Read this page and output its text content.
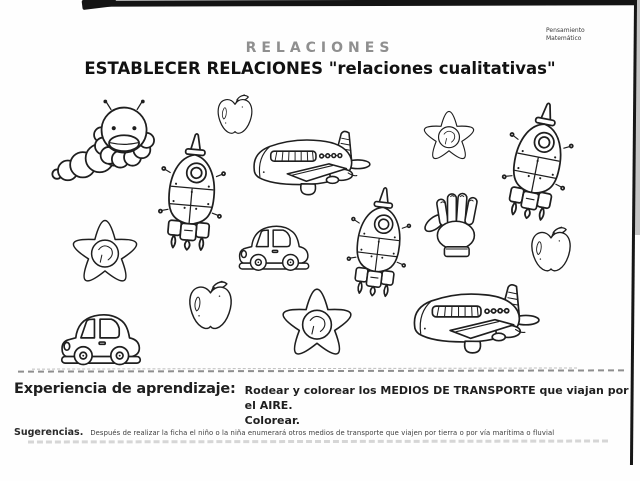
RELACIONES
ESTABLECER RELACIONES "relaciones cualitativas"
Pensamiento
Matemático
Experiencia de aprendizaje: Rodear y colorear los MEDIOS DE TRANSPORTE que viajan por el AIRE.
Colorear.
Sugerencias. Después de realizar la ficha el niño o la niña enumerará otros medios de transporte que viajen por tierra o por vía marítima o fluvial
